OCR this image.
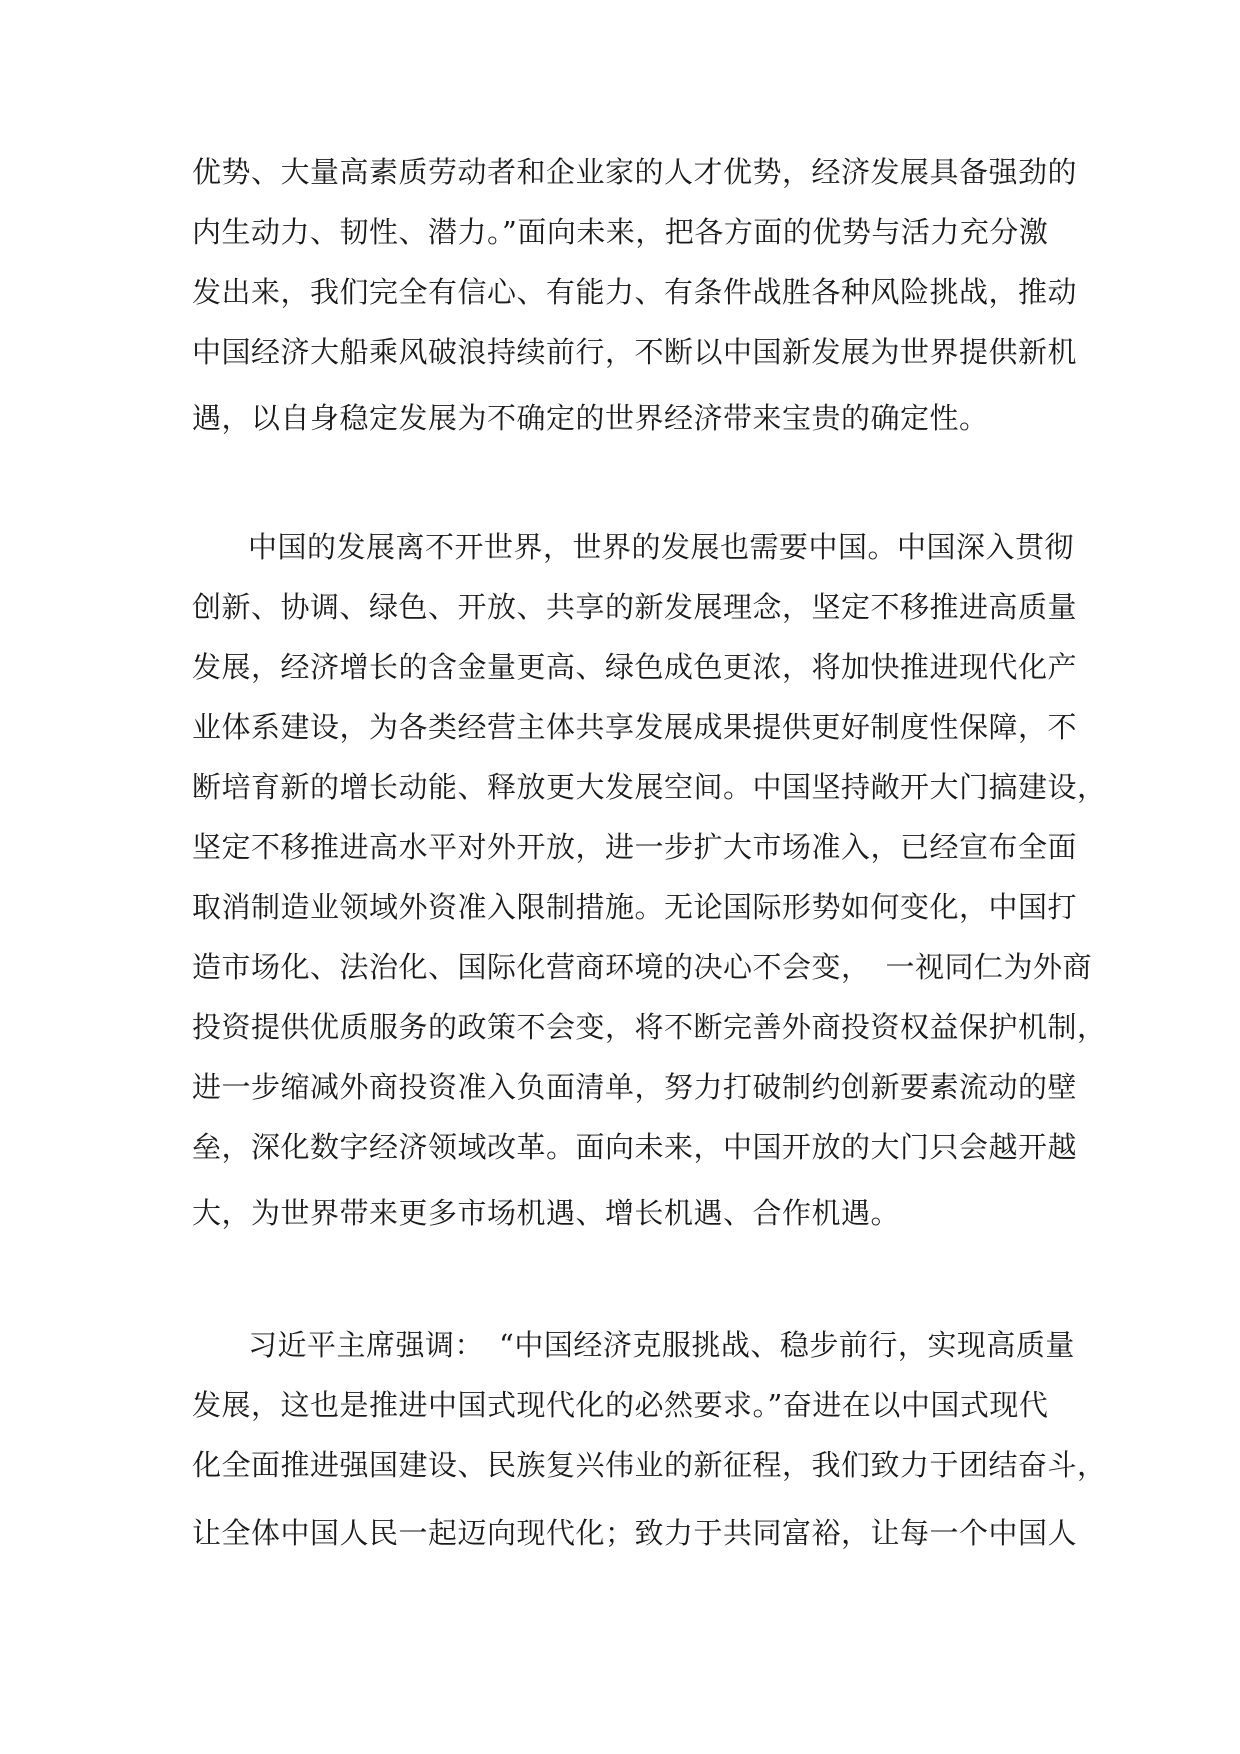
优势、大量高素质劳动者和企业家的人才优势，经济发展具备强劲的

内生动力、韧性、潜力。”面向未来，把各方面的优势与活力充分激

发出来，我们完全有信心、有能力、有条件战胜各种风险挑战，推动

中国经济大船乘风破浪持续前行，不断以中国新发展为世界提供新机

遇，以自身稳定发展为不确定的世界经济带来宝贵的确定性。

中国的发展离不开世界，世界的发展也需要中国。中国深入贯彻

创新、协调、绿色、开放、共享的新发展理念，坚定不移推进高质量

发展，经济增长的含金量更高、绿色成色更浓，将加快推进现代化产

业体系建设，为各类经营主体共享发展成果提供更好制度性保障，不

断培育新的增长动能、释放更大发展空间。中国坚持敞开大门搞建设，

坚定不移推进高水平对外开放，进一步扩大市场准入，已经宣布全面

取消制造业领域外资准入限制措施。无论国际形势如何变化，中国打

造市场化、法治化、国际化营商环境的决心不会变，　一视同仁为外商

投资提供优质服务的政策不会变，将不断完善外商投资权益保护机制，

进一步缩减外商投资准入负面清单，努力打破制约创新要素流动的壁

垒，深化数字经济领域改革。面向未来，中国开放的大门只会越开越

大，为世界带来更多市场机遇、增长机遇、合作机遇。

习近平主席强调：　“中国经济克服挑战、稳步前行，实现高质量

发展，这也是推进中国式现代化的必然要求。”奋进在以中国式现代

化全面推进强国建设、民族复兴伟业的新征程，我们致力于团结奋斗，

让全体中国人民一起迈向现代化；致力于共同富裕，让每一个中国人
